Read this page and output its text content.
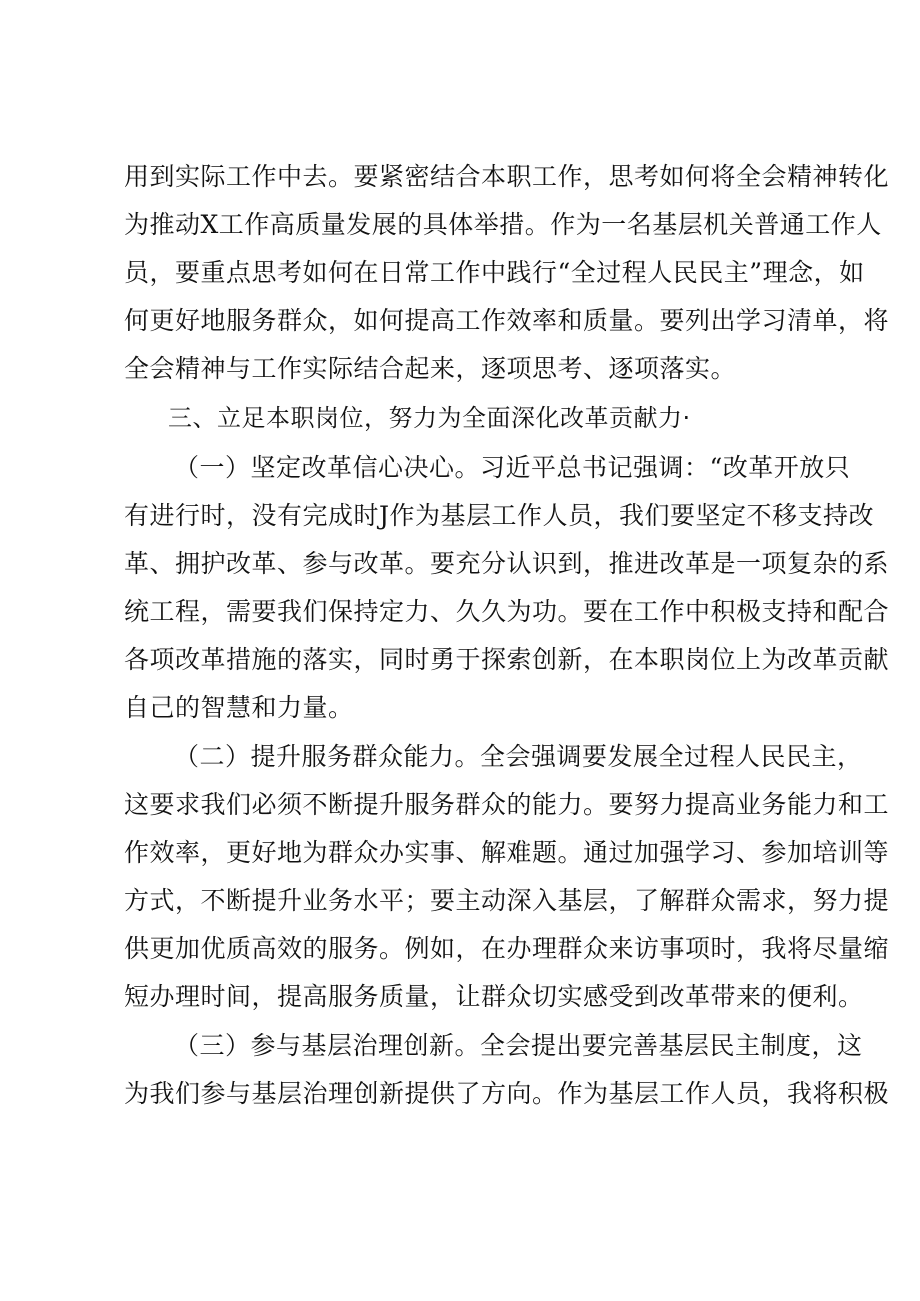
用到实际工作中去。要紧密结合本职工作，思考如何将全会精神转化
为推动X工作高质量发展的具体举措。作为一名基层机关普通工作人
员，要重点思考如何在日常工作中践行“全过程人民民主”理念，如
何更好地服务群众，如何提高工作效率和质量。要列出学习清单，将
全会精神与工作实际结合起来，逐项思考、逐项落实。
三、立足本职岗位，努力为全面深化改革贡献力·
（一）坚定改革信心决心。习近平总书记强调：“改革开放只
有进行时，没有完成时J作为基层工作人员，我们要坚定不移支持改
革、拥护改革、参与改革。要充分认识到，推进改革是一项复杂的系
统工程，需要我们保持定力、久久为功。要在工作中积极支持和配合
各项改革措施的落实，同时勇于探索创新，在本职岗位上为改革贡献
自己的智慧和力量。
（二）提升服务群众能力。全会强调要发展全过程人民民主，
这要求我们必须不断提升服务群众的能力。要努力提高业务能力和工
作效率，更好地为群众办实事、解难题。通过加强学习、参加培训等
方式，不断提升业务水平；要主动深入基层，了解群众需求，努力提
供更加优质高效的服务。例如，在办理群众来访事项时，我将尽量缩
短办理时间，提高服务质量，让群众切实感受到改革带来的便利。
（三）参与基层治理创新。全会提出要完善基层民主制度，这
为我们参与基层治理创新提供了方向。作为基层工作人员，我将积极
